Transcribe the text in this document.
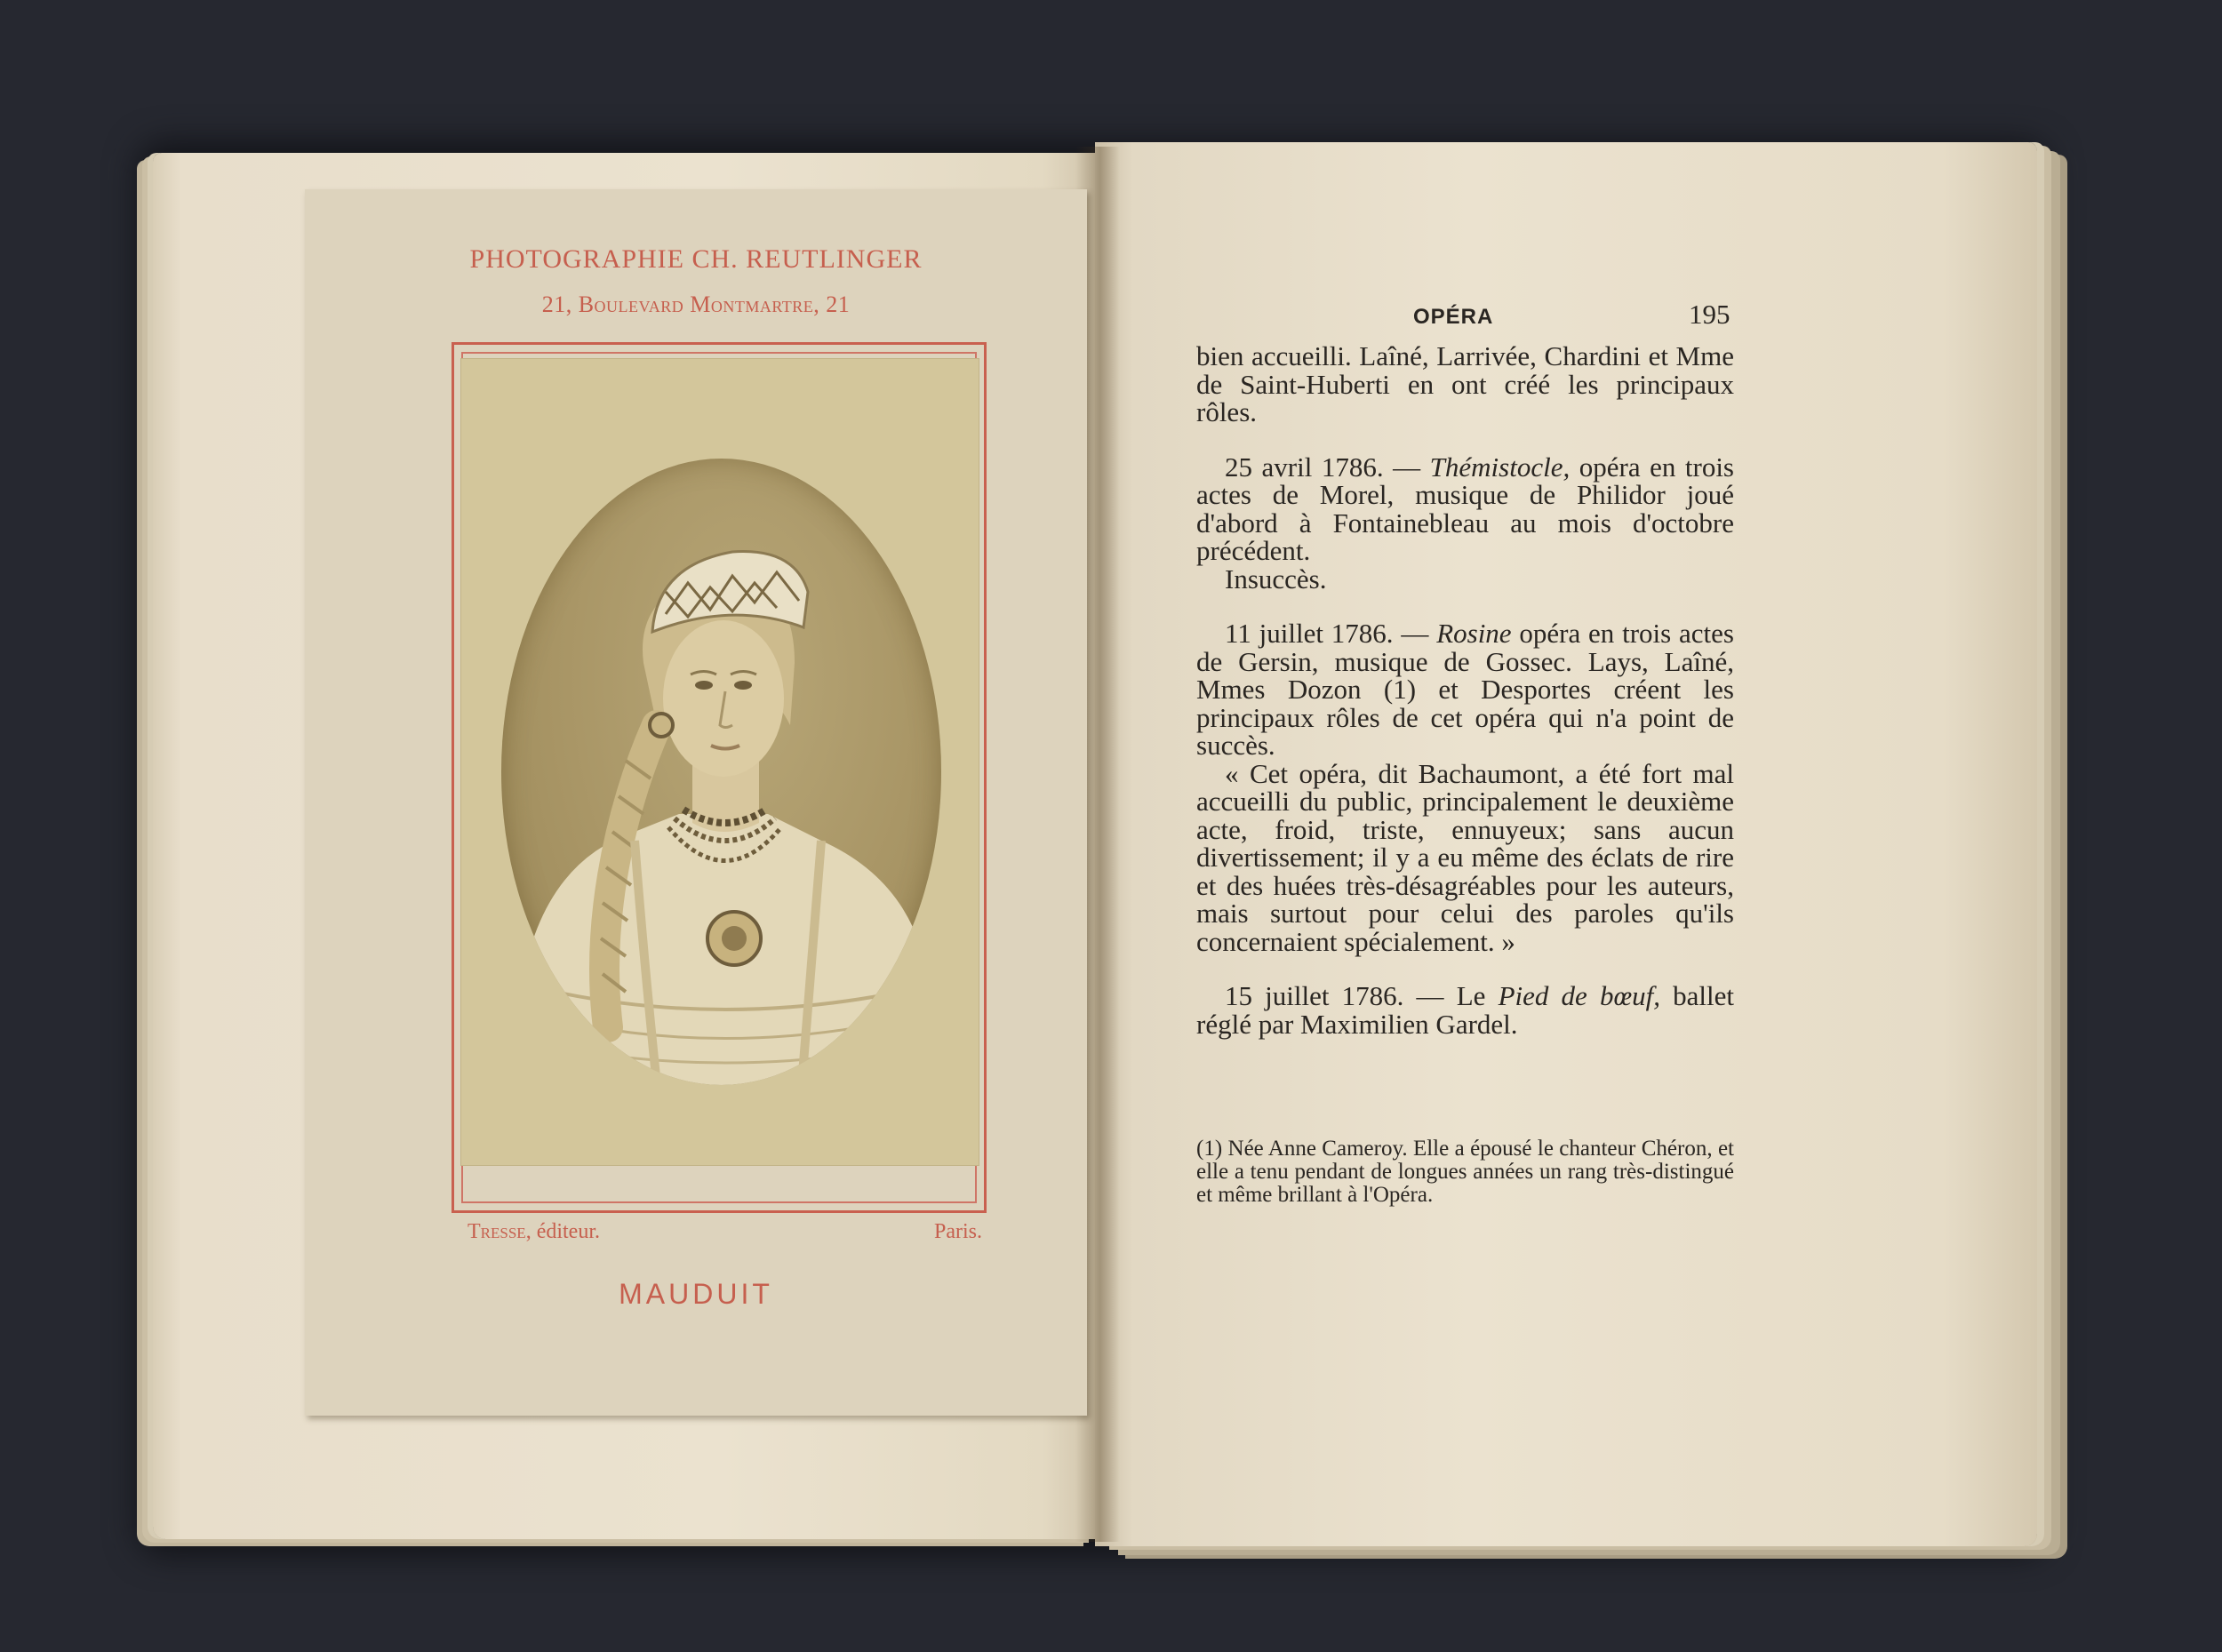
PHOTOGRAPHIE CH. REUTLINGER
21, Boulevard Montmartre, 21
Tresse, éditeur.	Paris.
MAUDUIT
OPÉRA	195

bien accueilli. Laîné, Larrivée, Chardini et Mme de Saint-Huberti en ont créé les principaux rôles.

25 avril 1786. — Thémistocle, opéra en trois actes de Morel, musique de Philidor joué d'abord à Fontainebleau au mois d'octobre précédent.

Insuccès.

11 juillet 1786. — Rosine opéra en trois actes de Gersin, musique de Gossec. Lays, Laîné, Mmes Dozon (1) et Desportes créent les principaux rôles de cet opéra qui n'a point de succès.

« Cet opéra, dit Bachaumont, a été fort mal accueilli du public, principalement le deuxième acte, froid, triste, ennuyeux; sans aucun divertissement; il y a eu même des éclats de rire et des huées très-désagréables pour les auteurs, mais surtout pour celui des paroles qu'ils concernaient spécialement. »

15 juillet 1786. — Le Pied de bœuf, ballet réglé par Maximilien Gardel.

(1) Née Anne Cameroy. Elle a épousé le chanteur Chéron, et elle a tenu pendant de longues années un rang très-distingué et même brillant à l'Opéra.
